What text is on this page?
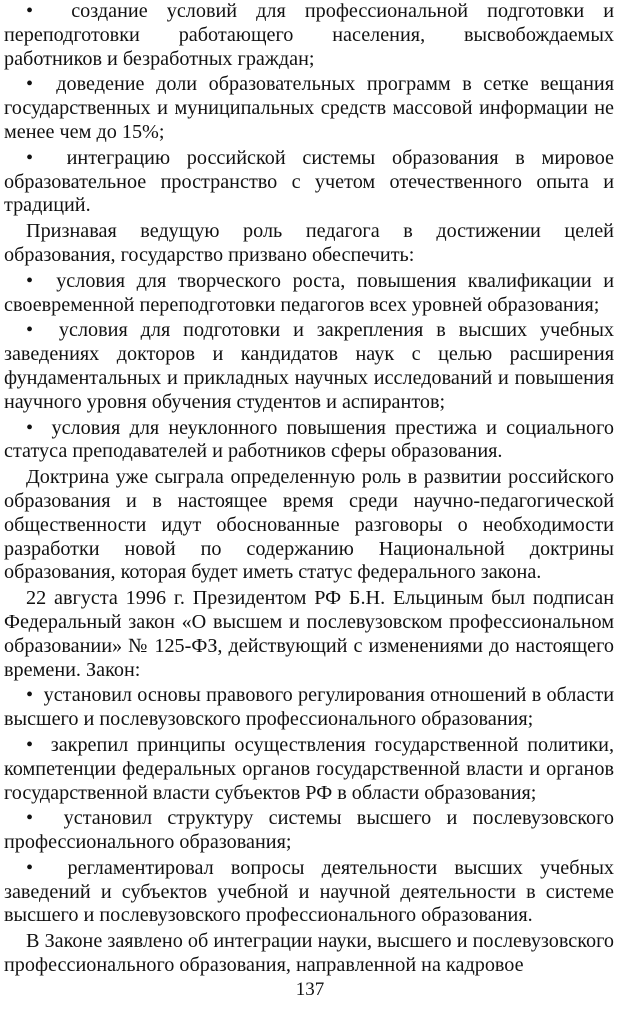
• создание условий для профессиональной подготовки и переподготовки работающего населения, высвобождаемых работников и безработных граждан;

• доведение доли образовательных программ в сетке вещания государственных и муниципальных средств массовой информации не менее чем до 15%;

• интеграцию российской системы образования в мировое образовательное пространство с учетом отечественного опыта и традиций.

Признавая ведущую роль педагога в достижении целей образования, государство призвано обеспечить:

• условия для творческого роста, повышения квалификации и своевременной переподготовки педагогов всех уровней образования;

• условия для подготовки и закрепления в высших учебных заведениях докторов и кандидатов наук с целью расширения фундаментальных и прикладных научных исследований и повышения научного уровня обучения студентов и аспирантов;

• условия для неуклонного повышения престижа и социального статуса преподавателей и работников сферы образования.

Доктрина уже сыграла определенную роль в развитии российского образования и в настоящее время среди научно-педагогической общественности идут обоснованные разговоры о необходимости разработки новой по содержанию Национальной доктрины образования, которая будет иметь статус федерального закона.

22 августа 1996 г. Президентом РФ Б.Н. Ельциным был подписан Федеральный закон «О высшем и послевузовском профессиональном образовании» № 125-ФЗ, действующий с изменениями до настоящего времени. Закон:

• установил основы правового регулирования отношений в области высшего и послевузовского профессионального образования;

• закрепил принципы осуществления государственной политики, компетенции федеральных органов государственной власти и органов государственной власти субъектов РФ в области образования;

• установил структуру системы высшего и послевузовского профессионального образования;

• регламентировал вопросы деятельности высших учебных заведений и субъектов учебной и научной деятельности в системе высшего и послевузовского профессионального образования.

В Законе заявлено об интеграции науки, высшего и послевузовского профессионального образования, направленной на кадровое

137
